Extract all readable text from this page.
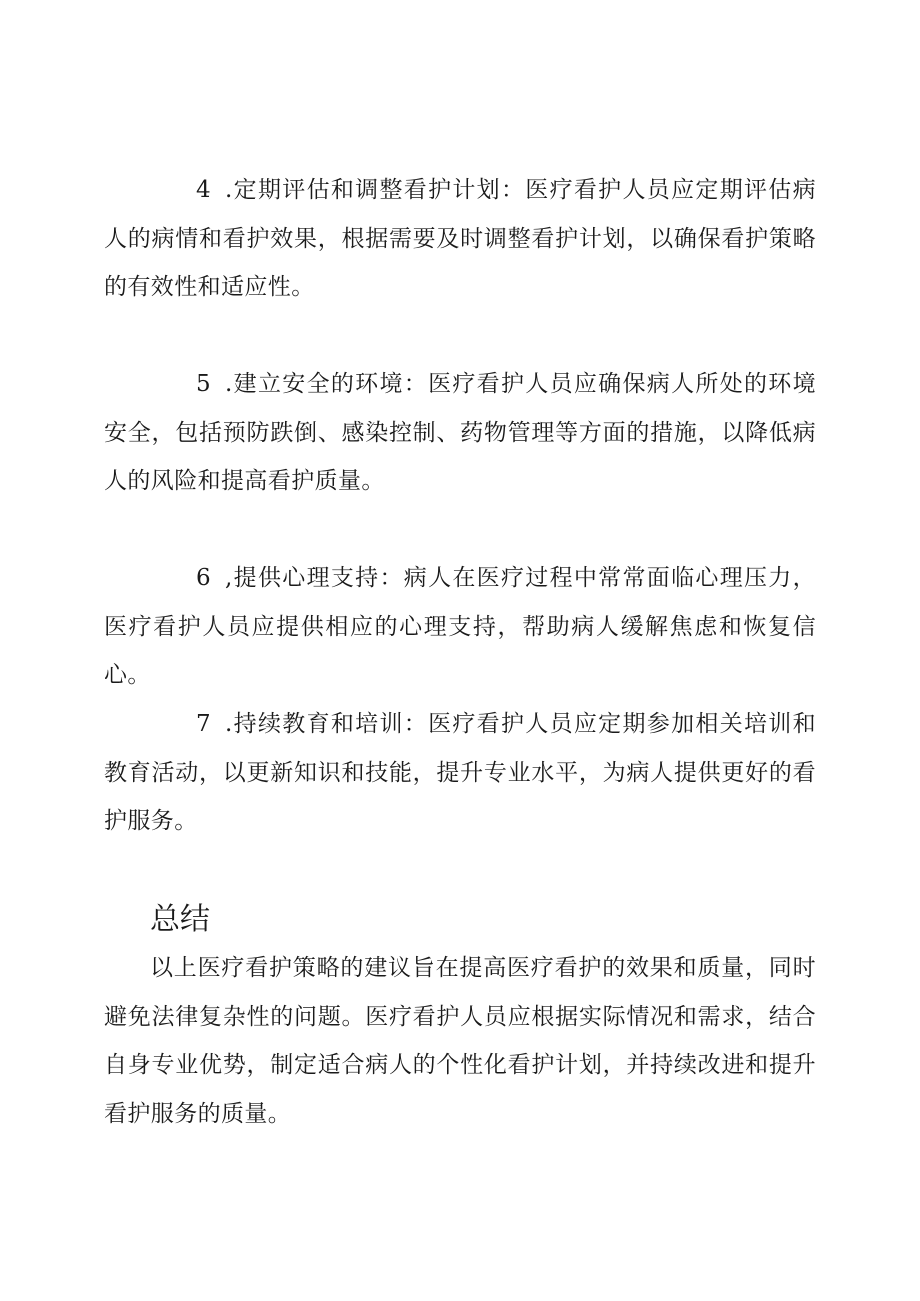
4 .定期评估和调整看护计划：医疗看护人员应定期评估病人的病情和看护效果，根据需要及时调整看护计划，以确保看护策略的有效性和适应性。

5 .建立安全的环境：医疗看护人员应确保病人所处的环境安全，包括预防跌倒、感染控制、药物管理等方面的措施，以降低病人的风险和提高看护质量。

6 ,提供心理支持：病人在医疗过程中常常面临心理压力，医疗看护人员应提供相应的心理支持，帮助病人缓解焦虑和恢复信心。

7 .持续教育和培训：医疗看护人员应定期参加相关培训和教育活动，以更新知识和技能，提升专业水平，为病人提供更好的看护服务。

总结

以上医疗看护策略的建议旨在提高医疗看护的效果和质量，同时避免法律复杂性的问题。医疗看护人员应根据实际情况和需求，结合自身专业优势，制定适合病人的个性化看护计划，并持续改进和提升看护服务的质量。
